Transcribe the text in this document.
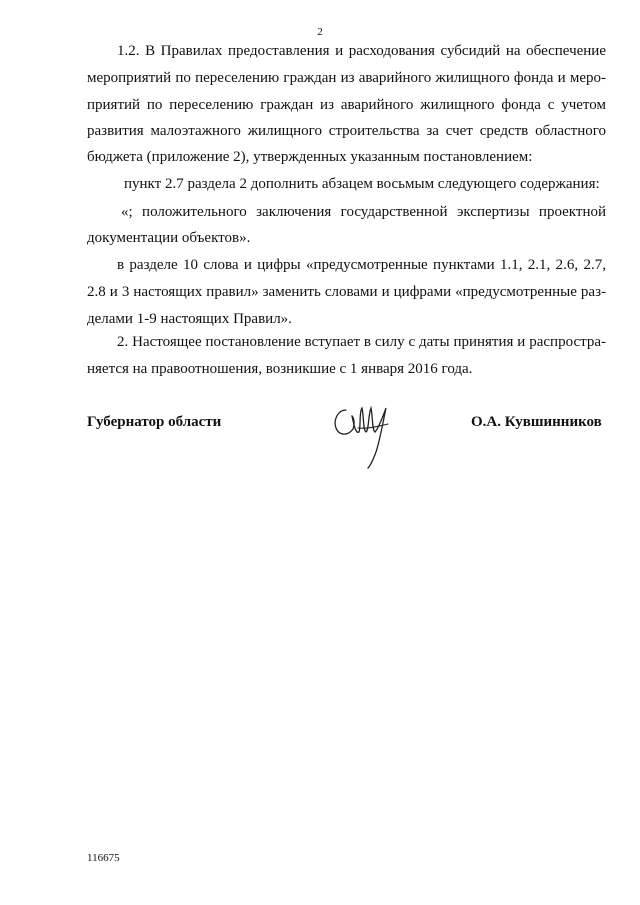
2
1.2. В Правилах предоставления и расходования субсидий на обеспечение
мероприятий по переселению граждан из аварийного жилищного фонда и меро-
приятий по переселению граждан из аварийного жилищного фонда с учетом
развития малоэтажного жилищного строительства за счет средств областного
бюджета (приложение 2), утвержденных указанным постановлением:
пункт 2.7 раздела 2 дополнить абзацем восьмым следующего содержания:
«; положительного заключения государственной экспертизы проектной
документации объектов».
в разделе 10 слова и цифры «предусмотренные пунктами 1.1, 2.1, 2.6, 2.7,
2.8 и 3 настоящих правил» заменить словами и цифрами «предусмотренные раз-
делами 1-9 настоящих Правил».
2. Настоящее постановление вступает в силу с даты принятия и распростра-
няется на правоотношения, возникшие с 1 января 2016 года.
Губернатор области	О.А. Кувшинников
116675
